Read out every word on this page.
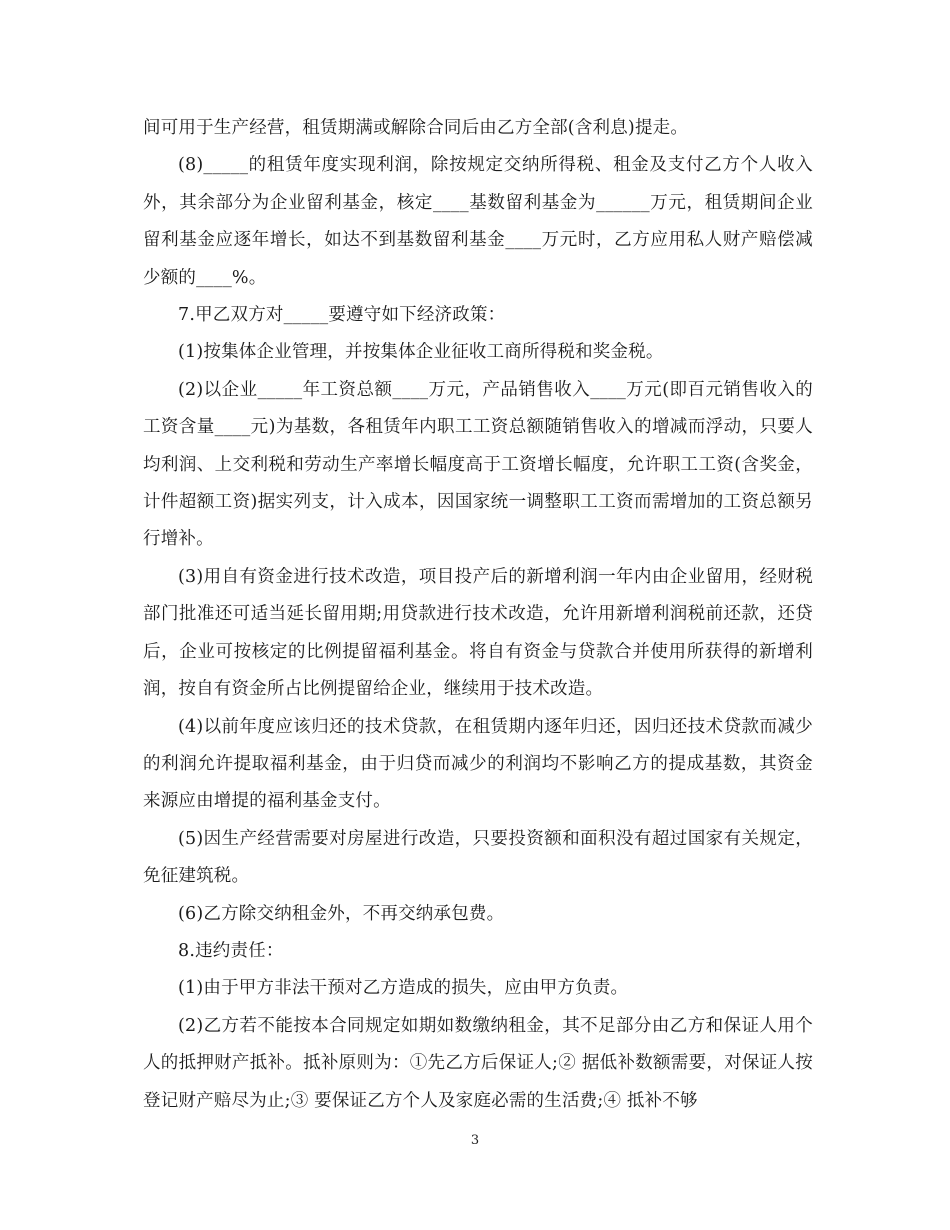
间可用于生产经营，租赁期满或解除合同后由乙方全部(含利息)提走。

(8)_____的租赁年度实现利润，除按规定交纳所得税、租金及支付乙方个人收入外，其余部分为企业留利基金，核定____基数留利基金为______万元，租赁期间企业留利基金应逐年增长，如达不到基数留利基金____万元时，乙方应用私人财产赔偿减少额的____%。

7.甲乙双方对_____要遵守如下经济政策：

(1)按集体企业管理，并按集体企业征收工商所得税和奖金税。

(2)以企业_____年工资总额____万元，产品销售收入____万元(即百元销售收入的工资含量____元)为基数，各租赁年内职工工资总额随销售收入的增减而浮动，只要人均利润、上交利税和劳动生产率增长幅度高于工资增长幅度，允许职工工资(含奖金，计件超额工资)据实列支，计入成本，因国家统一调整职工工资而需增加的工资总额另行增补。

(3)用自有资金进行技术改造，项目投产后的新增利润一年内由企业留用，经财税部门批准还可适当延长留用期;用贷款进行技术改造，允许用新增利润税前还款，还贷后，企业可按核定的比例提留福利基金。将自有资金与贷款合并使用所获得的新增利润，按自有资金所占比例提留给企业，继续用于技术改造。

(4)以前年度应该归还的技术贷款，在租赁期内逐年归还，因归还技术贷款而减少的利润允许提取福利基金，由于归贷而减少的利润均不影响乙方的提成基数，其资金来源应由增提的福利基金支付。

(5)因生产经营需要对房屋进行改造，只要投资额和面积没有超过国家有关规定，免征建筑税。

(6)乙方除交纳租金外，不再交纳承包费。

8.违约责任：

(1)由于甲方非法干预对乙方造成的损失，应由甲方负责。

(2)乙方若不能按本合同规定如期如数缴纳租金，其不足部分由乙方和保证人用个人的抵押财产抵补。抵补原则为：①先乙方后保证人;② 据低补数额需要，对保证人按登记财产赔尽为止;③ 要保证乙方个人及家庭必需的生活费;④ 抵补不够

3
